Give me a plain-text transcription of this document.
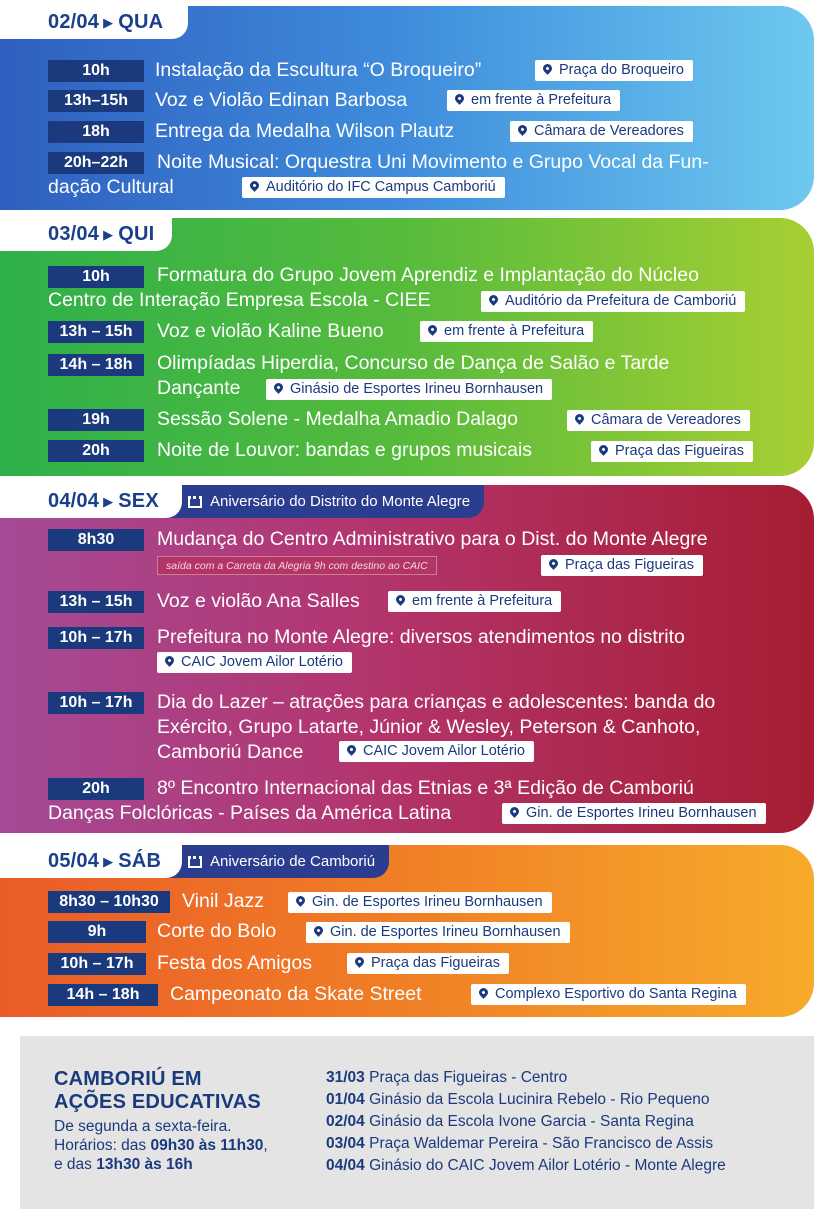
02/04 ▶ QUA
10h	Instalação da Escultura “O Broqueiro”	Praça do Broqueiro
13h–15h	Voz e Violão Edinan Barbosa	em frente à Prefeitura
18h	Entrega da Medalha Wilson Plautz	Câmara de Vereadores
20h–22h	Noite Musical: Orquestra Uni Movimento e Grupo Vocal da Fun-
dação Cultural	Auditório do IFC Campus Camboriú
03/04 ▶ QUI
10h	Formatura do Grupo Jovem Aprendiz e Implantação do Núcleo
Centro de Interação Empresa Escola - CIEE	Auditório da Prefeitura de Camboriú
13h – 15h	Voz e violão Kaline Bueno	em frente à Prefeitura
14h – 18h	Olimpíadas Hiperdia, Concurso de Dança de Salão e Tarde
Dançante	Ginásio de Esportes Irineu Bornhausen
19h	Sessão Solene - Medalha Amadio Dalago	Câmara de Vereadores
20h	Noite de Louvor: bandas e grupos musicais	Praça das Figueiras
Aniversário do Distrito do Monte Alegre
04/04 ▶ SEX
8h30	Mudança do Centro Administrativo para o Dist. do Monte Alegre
saída com a Carreta da Alegria 9h com destino ao CAIC	Praça das Figueiras
13h – 15h	Voz e violão Ana Salles	em frente à Prefeitura
10h – 17h	Prefeitura no Monte Alegre: diversos atendimentos no distrito
CAIC Jovem Ailor Lotério
10h – 17h	Dia do Lazer – atrações para crianças e adolescentes: banda do
Exército, Grupo Latarte, Júnior & Wesley, Peterson & Canhoto,
Camboriú Dance	CAIC Jovem Ailor Lotério
20h	8º Encontro Internacional das Etnias e 3ª Edição de Camboriú
Danças Folclóricas - Países da América Latina	Gin. de Esportes Irineu Bornhausen
Aniversário de Camboriú
05/04 ▶ SÁB
8h30 – 10h30	Vinil Jazz	Gin. de Esportes Irineu Bornhausen
9h	Corte do Bolo	Gin. de Esportes Irineu Bornhausen
10h – 17h	Festa dos Amigos	Praça das Figueiras
14h – 18h	Campeonato da Skate Street	Complexo Esportivo do Santa Regina
CAMBORIÚ EM
AÇÕES EDUCATIVAS
De segunda a sexta-feira.
Horários: das 09h30 às 11h30,
e das 13h30 às 16h
31/03 Praça das Figueiras - Centro
01/04 Ginásio da Escola Lucinira Rebelo - Rio Pequeno
02/04 Ginásio da Escola Ivone Garcia - Santa Regina
03/04 Praça Waldemar Pereira - São Francisco de Assis
04/04 Ginásio do CAIC Jovem Ailor Lotério - Monte Alegre
